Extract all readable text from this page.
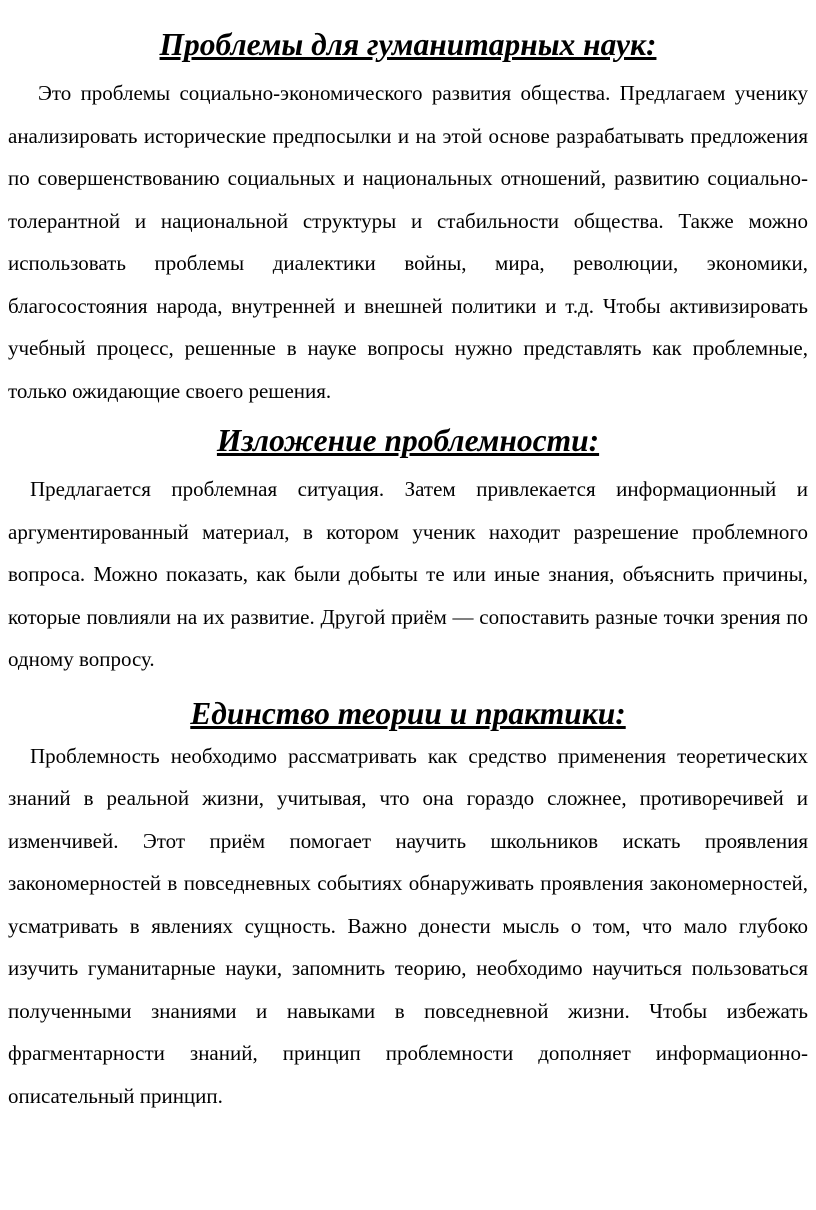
Проблемы для гуманитарных наук:

Это проблемы социально-экономического развития общества. Предлагаем ученику анализировать исторические предпосылки и на этой основе разрабатывать предложения по совершенствованию социальных и национальных отношений, развитию социально-толерантной и национальной структуры и стабильности общества. Также можно использовать проблемы диалектики войны, мира, революции, экономики, благосостояния народа, внутренней и внешней политики и т.д. Чтобы активизировать учебный процесс, решенные в науке вопросы нужно представлять как проблемные, только ожидающие своего решения.

Изложение проблемности:

Предлагается проблемная ситуация. Затем привлекается информационный и аргументированный материал, в котором ученик находит разрешение проблемного вопроса. Можно показать, как были добыты те или иные знания, объяснить причины, которые повлияли на их развитие. Другой приём — сопоставить разные точки зрения по одному вопросу.

Единство теории и практики:

Проблемность необходимо рассматривать как средство применения теоретических знаний в реальной жизни, учитывая, что она гораздо сложнее, противоречивей и изменчивей. Этот приём помогает научить школьников искать проявления закономерностей в повседневных событиях обнаруживать проявления закономерностей, усматривать в явлениях сущность. Важно донести мысль о том, что мало глубоко изучить гуманитарные науки, запомнить теорию, необходимо научиться пользоваться полученными знаниями и навыками в повседневной жизни. Чтобы избежать фрагментарности знаний, принцип проблемности дополняет информационно-описательный принцип.
